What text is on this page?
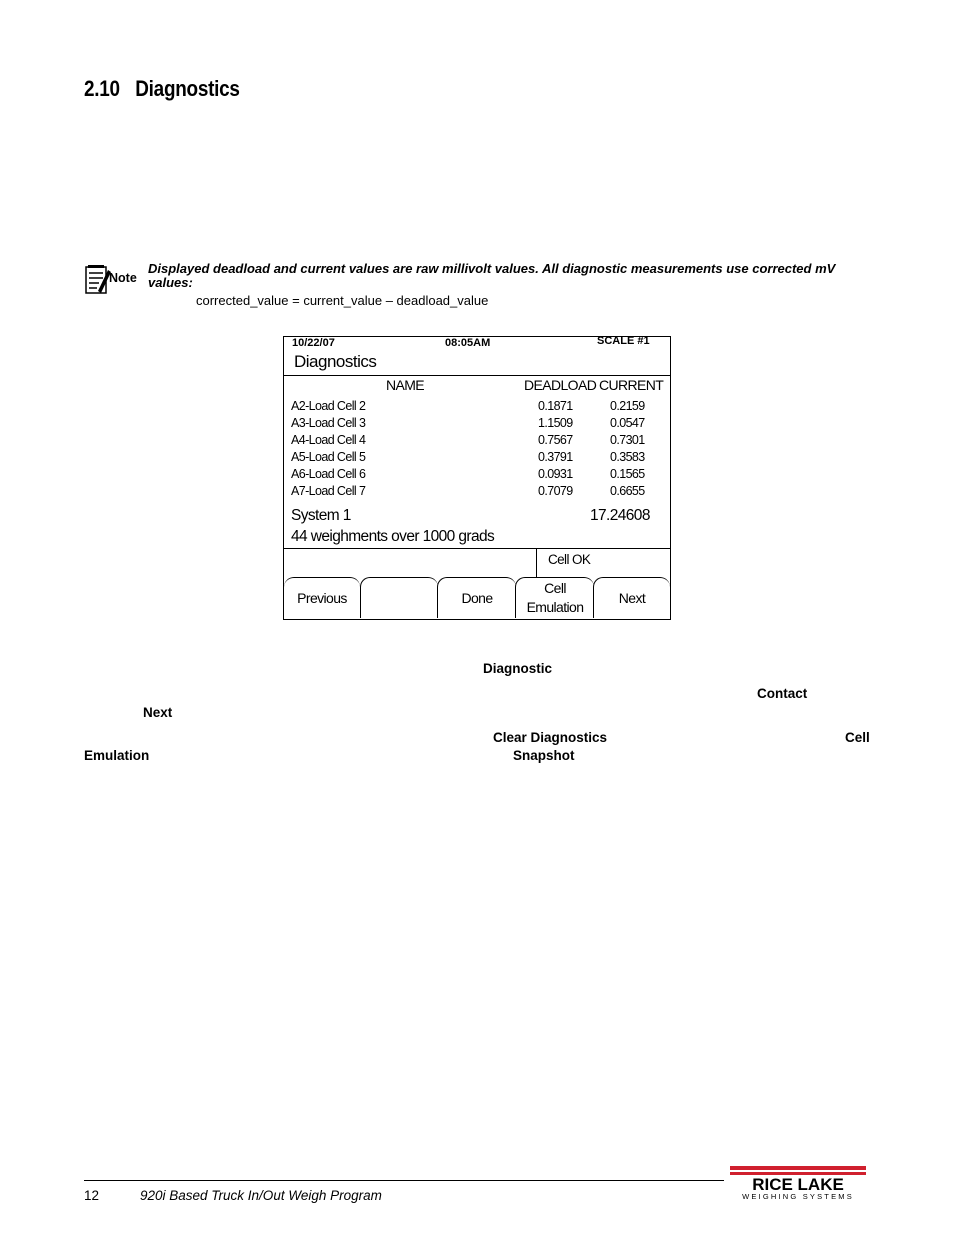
2.10 Diagnostics
Note
Displayed deadload and current values are raw millivolt values. All diagnostic measurements use corrected mV values:
corrected_value = current_value – deadload_value
10/22/07	08:05AM	SCALE #1
Diagnostics
NAME	DEADLOAD CURRENT
A2-Load Cell 2	0.1871	0.2159
A3-Load Cell 3	1.1509	0.0547
A4-Load Cell 4	0.7567	0.7301
A5-Load Cell 5	0.3791	0.3583
A6-Load Cell 6	0.0931	0.1565
A7-Load Cell 7	0.7079	0.6655
System 1	17.24608
44 weighments over 1000 grads
Cell OK
Previous	Done
Cell
Emulation
Next
Diagnostic
Contact
Next
Clear Diagnostics	Cell
Emulation	Snapshot
12	920i Based Truck In/Out Weigh Program
RICE LAKE
WEIGHING SYSTEMS
